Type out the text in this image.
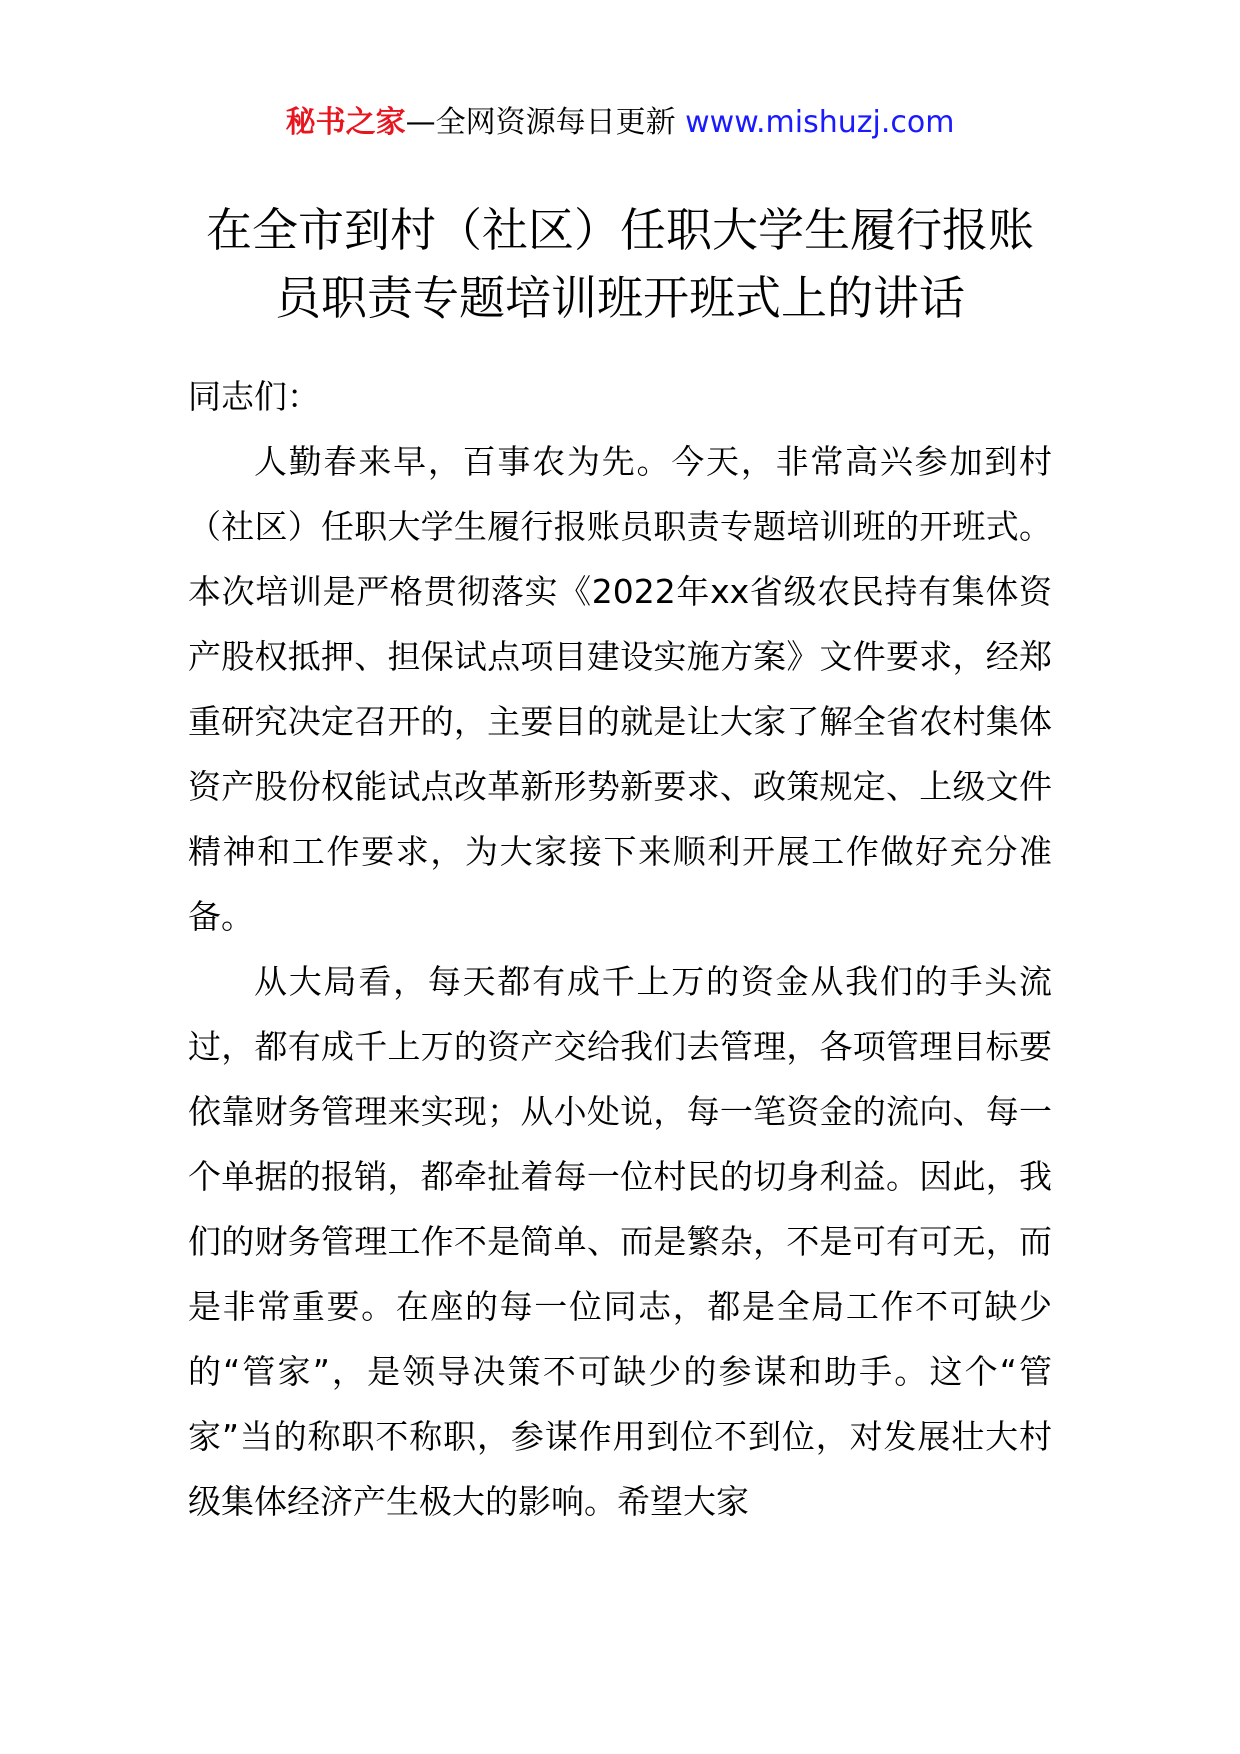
秘书之家—全网资源每日更新 www.mishuzj.com
在全市到村（社区）任职大学生履行报账
员职责专题培训班开班式上的讲话

同志们：

人勤春来早，百事农为先。今天，非常高兴参加到村（社区）任职大学生履行报账员职责专题培训班的开班式。本次培训是严格贯彻落实《2022年xx省级农民持有集体资产股权抵押、担保试点项目建设实施方案》文件要求，经郑重研究决定召开的，主要目的就是让大家了解全省农村集体资产股份权能试点改革新形势新要求、政策规定、上级文件精神和工作要求，为大家接下来顺利开展工作做好充分准备。

从大局看，每天都有成千上万的资金从我们的手头流过，都有成千上万的资产交给我们去管理，各项管理目标要依靠财务管理来实现；从小处说，每一笔资金的流向、每一个单据的报销，都牵扯着每一位村民的切身利益。因此，我们的财务管理工作不是简单、而是繁杂，不是可有可无，而是非常重要。在座的每一位同志，都是全局工作不可缺少的“管家”，是领导决策不可缺少的参谋和助手。这个“管家”当的称职不称职，参谋作用到位不到位，对发展壮大村级集体经济产生极大的影响。希望大家
